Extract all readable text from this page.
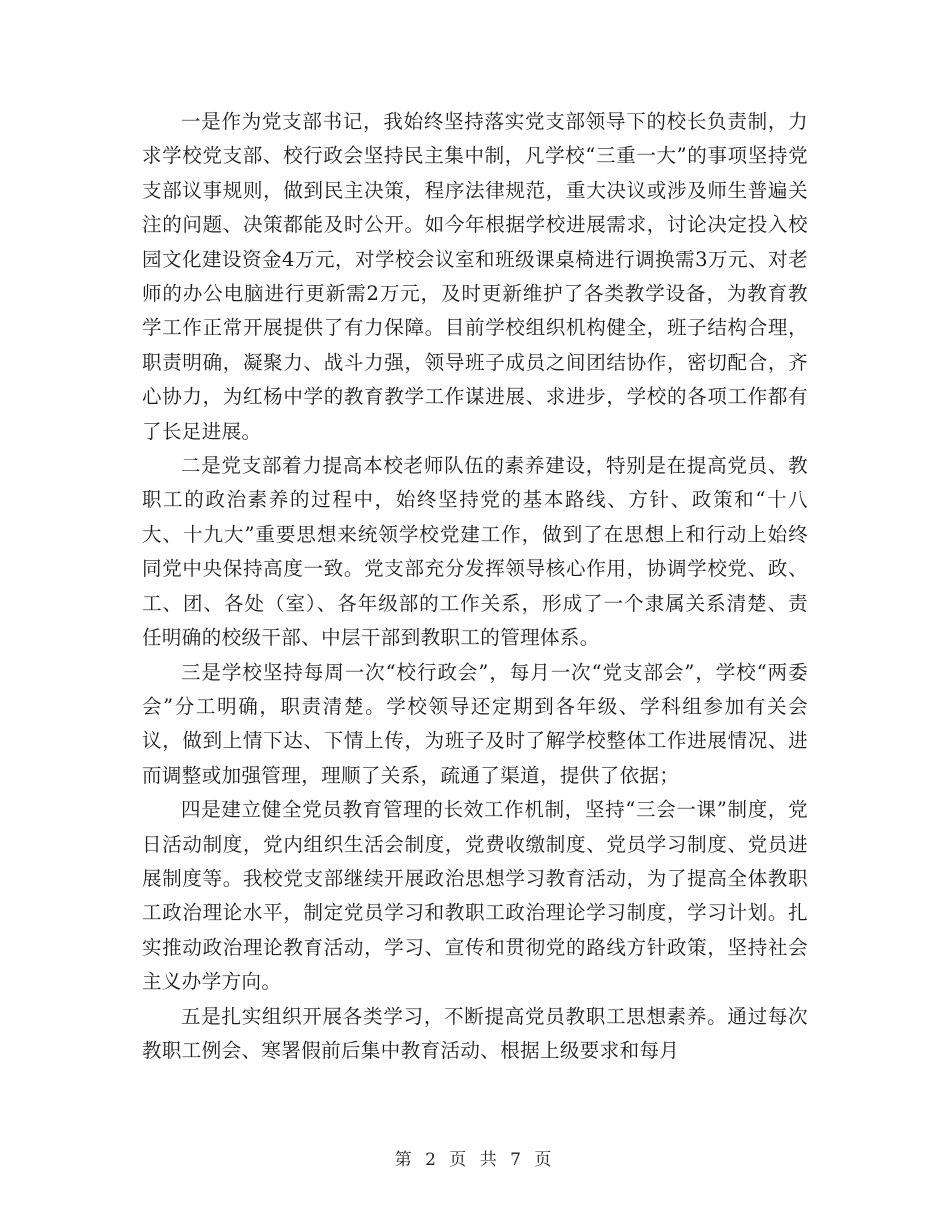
一是作为党支部书记，我始终坚持落实党支部领导下的校长负责制，力求学校党支部、校行政会坚持民主集中制，凡学校“三重一大”的事项坚持党支部议事规则，做到民主决策，程序法律规范，重大决议或涉及师生普遍关注的问题、决策都能及时公开。如今年根据学校进展需求，讨论决定投入校园文化建设资金4万元，对学校会议室和班级课桌椅进行调换需3万元、对老师的办公电脑进行更新需2万元，及时更新维护了各类教学设备，为教育教学工作正常开展提供了有力保障。目前学校组织机构健全，班子结构合理，职责明确，凝聚力、战斗力强，领导班子成员之间团结协作，密切配合，齐心协力，为红杨中学的教育教学工作谋进展、求进步，学校的各项工作都有了长足进展。

二是党支部着力提高本校老师队伍的素养建设，特别是在提高党员、教职工的政治素养的过程中，始终坚持党的基本路线、方针、政策和“十八大、十九大”重要思想来统领学校党建工作，做到了在思想上和行动上始终同党中央保持高度一致。党支部充分发挥领导核心作用，协调学校党、政、工、团、各处（室）、各年级部的工作关系，形成了一个隶属关系清楚、责任明确的校级干部、中层干部到教职工的管理体系。

三是学校坚持每周一次“校行政会”，每月一次“党支部会”，学校“两委会”分工明确，职责清楚。学校领导还定期到各年级、学科组参加有关会议，做到上情下达、下情上传，为班子及时了解学校整体工作进展情况、进而调整或加强管理，理顺了关系，疏通了渠道，提供了依据；

四是建立健全党员教育管理的长效工作机制，坚持“三会一课”制度，党日活动制度，党内组织生活会制度，党费收缴制度、党员学习制度、党员进展制度等。我校党支部继续开展政治思想学习教育活动，为了提高全体教职工政治理论水平，制定党员学习和教职工政治理论学习制度，学习计划。扎实推动政治理论教育活动，学习、宣传和贯彻党的路线方针政策，坚持社会主义办学方向。

五是扎实组织开展各类学习，不断提高党员教职工思想素养。通过每次教职工例会、寒署假前后集中教育活动、根据上级要求和每月

第 2 页 共 7 页
